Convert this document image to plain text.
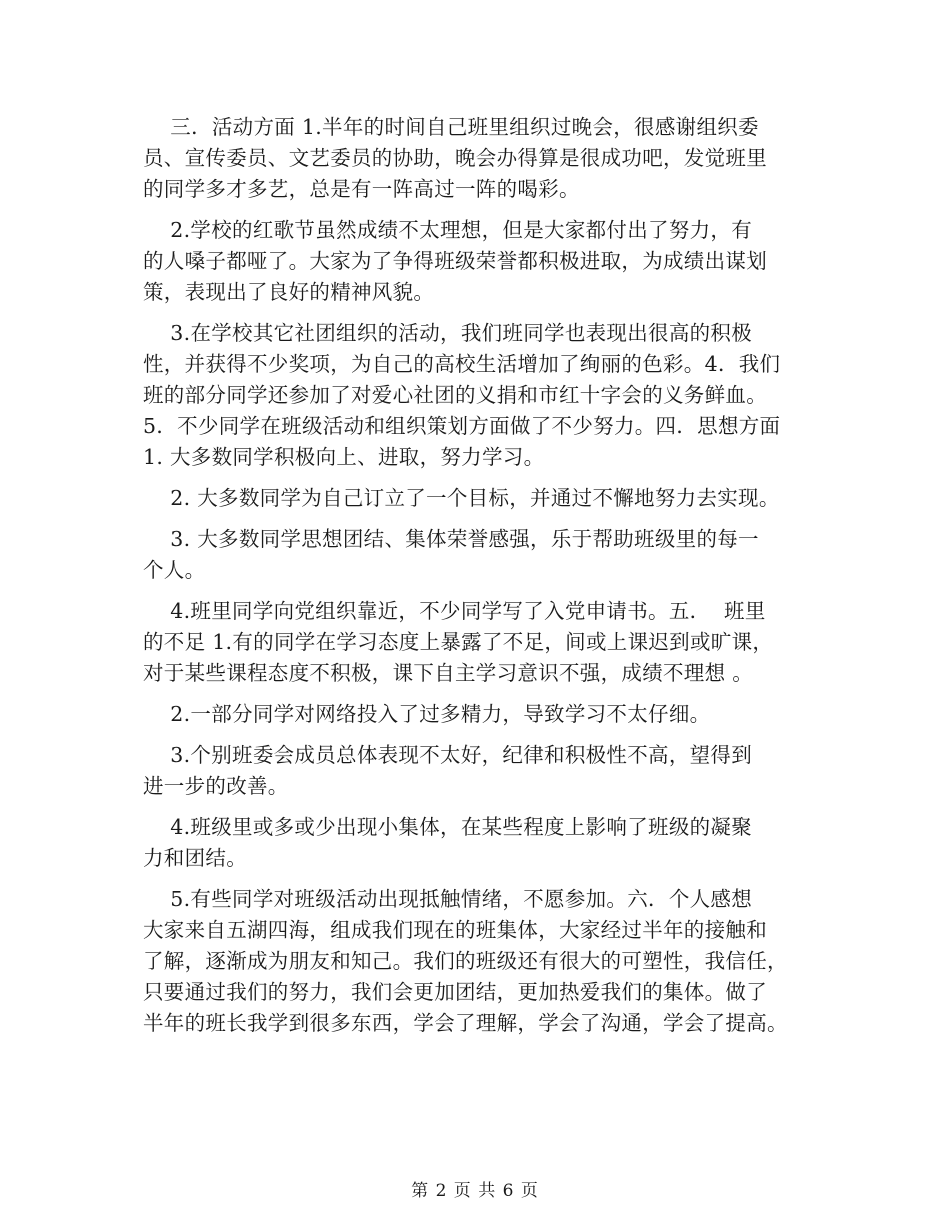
三．活动方面 1.半年的时间自己班里组织过晚会，很感谢组织委
员、宣传委员、文艺委员的协助，晚会办得算是很成功吧，发觉班里
的同学多才多艺，总是有一阵高过一阵的喝彩。
2.学校的红歌节虽然成绩不太理想，但是大家都付出了努力，有
的人嗓子都哑了。大家为了争得班级荣誉都积极进取，为成绩出谋划
策，表现出了良好的精神风貌。
3.在学校其它社团组织的活动，我们班同学也表现出很高的积极
性，并获得不少奖项，为自己的高校生活增加了绚丽的色彩。4．我们
班的部分同学还参加了对爱心社团的义捐和市红十字会的义务鲜血。
5．不少同学在班级活动和组织策划方面做了不少努力。四．思想方面
1. 大多数同学积极向上、进取，努力学习。
2. 大多数同学为自己订立了一个目标，并通过不懈地努力去实现。
3. 大多数同学思想团结、集体荣誉感强，乐于帮助班级里的每一
个人。
4.班里同学向党组织靠近，不少同学写了入党申请书。五．  班里
的不足 1.有的同学在学习态度上暴露了不足，间或上课迟到或旷课，
对于某些课程态度不积极，课下自主学习意识不强，成绩不理想 。
2.一部分同学对网络投入了过多精力，导致学习不太仔细。
3.个别班委会成员总体表现不太好，纪律和积极性不高，望得到
进一步的改善。
4.班级里或多或少出现小集体，在某些程度上影响了班级的凝聚
力和团结。
5.有些同学对班级活动出现抵触情绪，不愿参加。六．个人感想
大家来自五湖四海，组成我们现在的班集体，大家经过半年的接触和
了解，逐渐成为朋友和知己。我们的班级还有很大的可塑性，我信任，
只要通过我们的努力，我们会更加团结，更加热爱我们的集体。做了
半年的班长我学到很多东西，学会了理解，学会了沟通，学会了提高。
第 2 页 共 6 页
